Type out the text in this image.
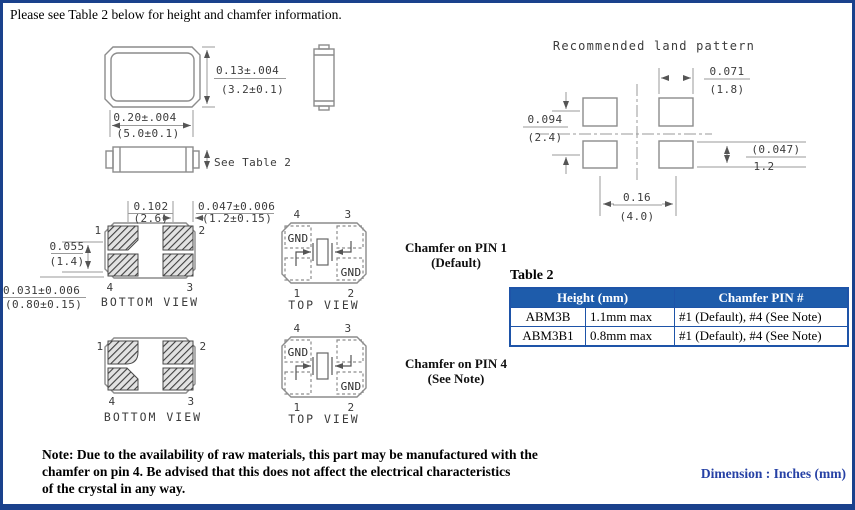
0.13±.004
(3.2±0.1)
0.20±.004
(5.0±0.1)
See Table 2
Recommended land pattern
0.071
(1.8)
0.094
(2.4)
(0.047)
1.2
0.16
(4.0)
1	2
4	3
BOTTOM VIEW
0.102
(2.6)
0.047±0.006
(1.2±0.15)
0.055
(1.4)
0.031±0.006
(0.80±0.15)
GND
GND
4	3
1	2
TOP VIEW
1	2
4	3
BOTTOM VIEW
GND
GND
4	3
1	2
TOP VIEW
Please see Table 2 below for height and chamfer information.
Chamfer on PIN 1
(Default)
Chamfer on PIN 4
(See Note)
Table 2
Height (mm)		Chamfer PIN #
ABM3B	1.1mm max	#1 (Default), #4 (See Note)
ABM3B1	0.8mm max	#1 (Default), #4 (See Note)
Note: Due to the availability of raw materials, this part may be manufactured with the
chamfer on pin 4. Be advised that this does not affect the electrical characteristics
of the crystal in any way.
Dimension : Inches (mm)
